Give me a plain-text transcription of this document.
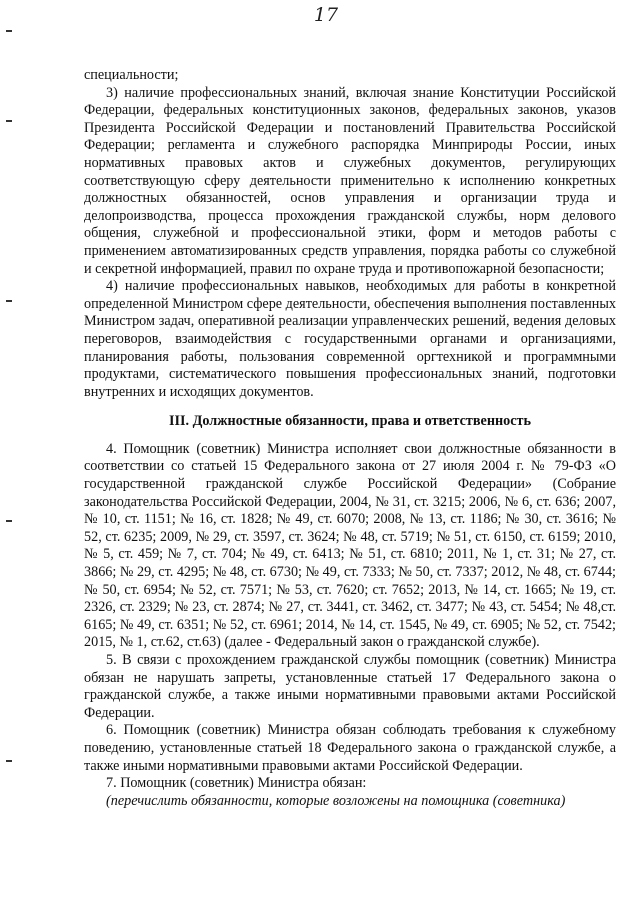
17

специальности;

3) наличие профессиональных знаний, включая знание Конституции Российской Федерации, федеральных конституционных законов, федеральных законов, указов Президента Российской Федерации и постановлений Правительства Российской Федерации; регламента и служебного распорядка Минприроды России, иных нормативных правовых актов и служебных документов, регулирующих соответствующую сферу деятельности применительно к исполнению конкретных должностных обязанностей, основ управления и организации труда и делопроизводства, процесса прохождения гражданской службы, норм делового общения, служебной и профессиональной этики, форм и методов работы с применением автоматизированных средств управления, порядка работы со служебной и секретной информацией, правил по охране труда и противопожарной безопасности;

4) наличие профессиональных навыков, необходимых для работы в конкретной определенной Министром сфере деятельности, обеспечения выполнения поставленных Министром задач, оперативной реализации управленческих решений, ведения деловых переговоров, взаимодействия с государственными органами и организациями, планирования работы, пользования современной оргтехникой и программными продуктами, систематического повышения профессиональных знаний, подготовки внутренних и исходящих документов.

III. Должностные обязанности, права и ответственность

4. Помощник (советник) Министра исполняет свои должностные обязанности в соответствии со статьей 15 Федерального закона от 27 июля 2004 г. № 79-ФЗ «О государственной гражданской службе Российской Федерации» (Собрание законодательства Российской Федерации, 2004, № 31, ст. 3215; 2006, № 6, ст. 636; 2007, № 10, ст. 1151; № 16, ст. 1828; № 49, ст. 6070; 2008, № 13, ст. 1186; № 30, ст. 3616; № 52, ст. 6235; 2009, № 29, ст. 3597, ст. 3624; № 48, ст. 5719; № 51, ст. 6150, ст. 6159; 2010, № 5, ст. 459; № 7, ст. 704; № 49, ст. 6413; № 51, ст. 6810; 2011, № 1, ст. 31; № 27, ст. 3866; № 29, ст. 4295; № 48, ст. 6730; № 49, ст. 7333; № 50, ст. 7337; 2012, № 48, ст. 6744; № 50, ст. 6954; № 52, ст. 7571; № 53, ст. 7620; ст. 7652; 2013, № 14, ст. 1665; № 19, ст. 2326, ст. 2329; № 23, ст. 2874; № 27, ст. 3441, ст. 3462, ст. 3477; № 43, ст. 5454; № 48,ст. 6165; № 49, ст. 6351; № 52, ст. 6961; 2014, № 14, ст. 1545, № 49, ст. 6905; № 52, ст. 7542; 2015, № 1, ст.62, ст.63) (далее - Федеральный закон о гражданской службе).

5. В связи с прохождением гражданской службы помощник (советник) Министра обязан не нарушать запреты, установленные статьей 17 Федерального закона о гражданской службе, а также иными нормативными правовыми актами Российской Федерации.

6. Помощник (советник) Министра обязан соблюдать требования к служебному поведению, установленные статьей 18 Федерального закона о гражданской службе, а также иными нормативными правовыми актами Российской Федерации.

7. Помощник (советник) Министра обязан:

(перечислить обязанности, которые возложены на помощника (советника)
